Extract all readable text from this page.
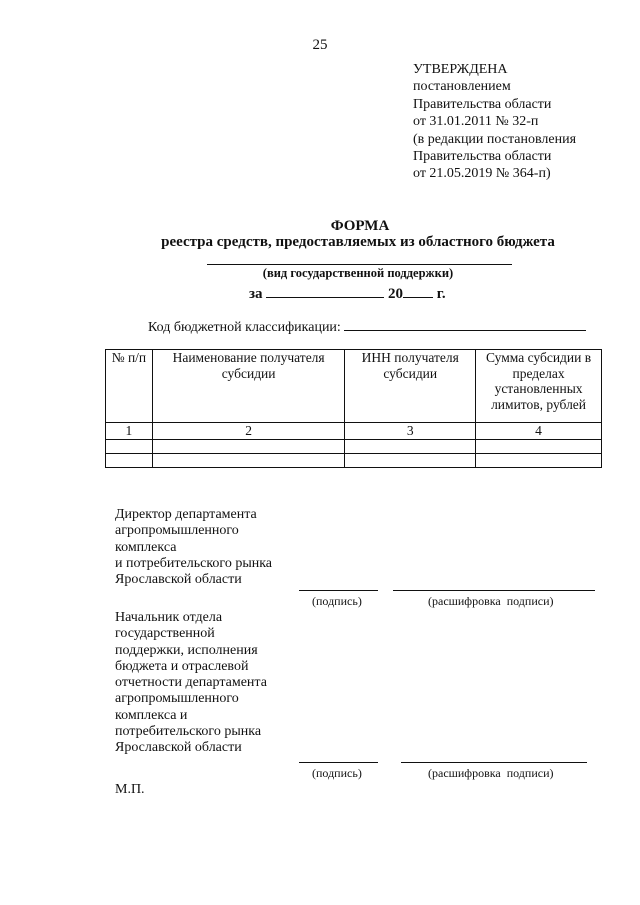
25
УТВЕРЖДЕНА
постановлением
Правительства области
от 31.01.2011 № 32-п
(в редакции постановления
Правительства области
от 21.05.2019 № 364-п)
ФОРМА
реестра средств, предоставляемых из областного бюджета
(вид государственной поддержки)
за	20 г.
Код бюджетной классификации:
№ п/п	Наименование получателя субсидии	ИНН получателя субсидии	Сумма субсидии в пределах установленных лимитов, рублей
1	2	3	4

Директор департамента
агропромышленного
комплекса
и потребительского рынка
Ярославской области
(подпись)	(расшифровка  подписи)
Начальник отдела
государственной
поддержки, исполнения
бюджета и отраслевой
отчетности департамента
агропромышленного
комплекса и
потребительского рынка
Ярославской области
(подпись)	(расшифровка  подписи)
М.П.
